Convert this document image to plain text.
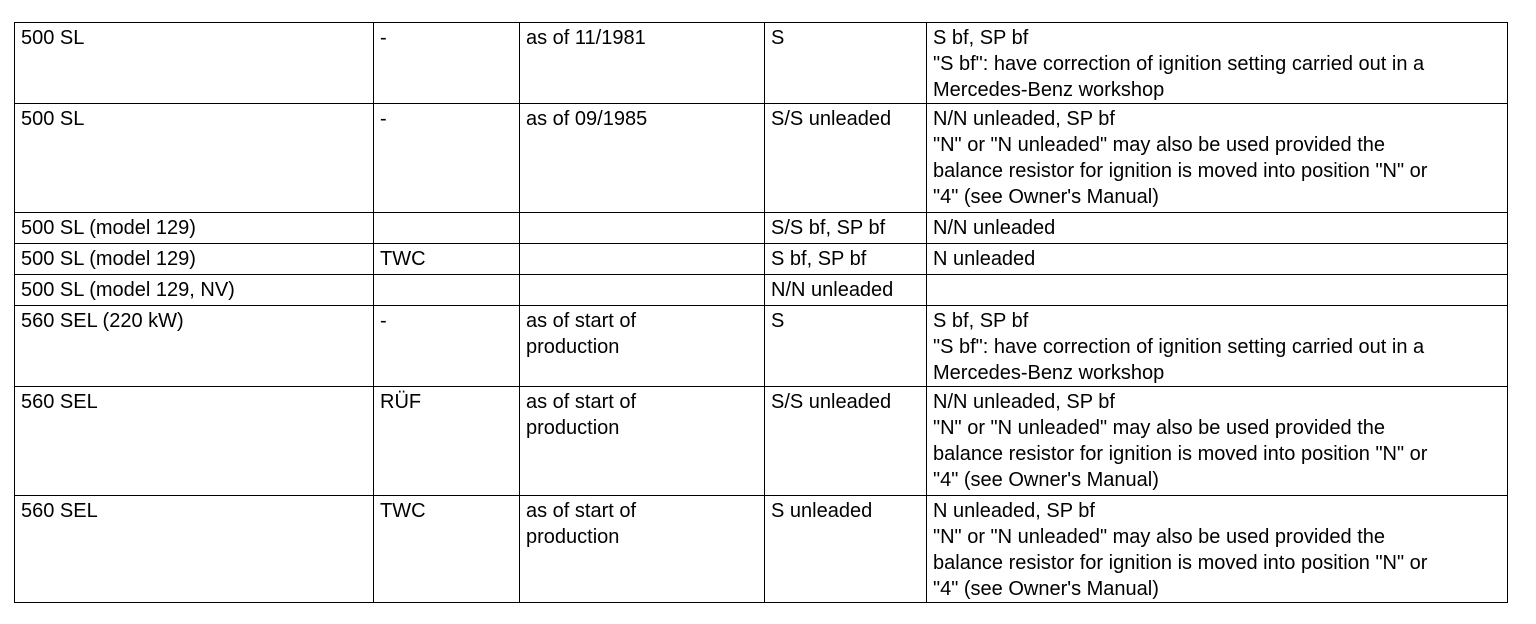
500 SL	-	as of 11/1981	S	S bf, SP bf
"S bf": have correction of ignition setting carried out in a
Mercedes-Benz workshop

500 SL	-	as of 09/1985	S/S unleaded	N/N unleaded, SP bf
"N" or "N unleaded" may also be used provided the
balance resistor for ignition is moved into position "N" or
"4" (see Owner's Manual)

500 SL (model 129)			S/S bf, SP bf	N/N unleaded

500 SL (model 129)	TWC		S bf, SP bf	N unleaded

500 SL (model 129, NV)			N/N unleaded	

560 SEL (220 kW)	-	as of start of
production	S	S bf, SP bf
"S bf": have correction of ignition setting carried out in a
Mercedes-Benz workshop

560 SEL	RÜF	as of start of
production	S/S unleaded	N/N unleaded, SP bf
"N" or "N unleaded" may also be used provided the
balance resistor for ignition is moved into position "N" or
"4" (see Owner's Manual)

560 SEL	TWC	as of start of
production	S unleaded	N unleaded, SP bf
"N" or "N unleaded" may also be used provided the
balance resistor for ignition is moved into position "N" or
"4" (see Owner's Manual)
